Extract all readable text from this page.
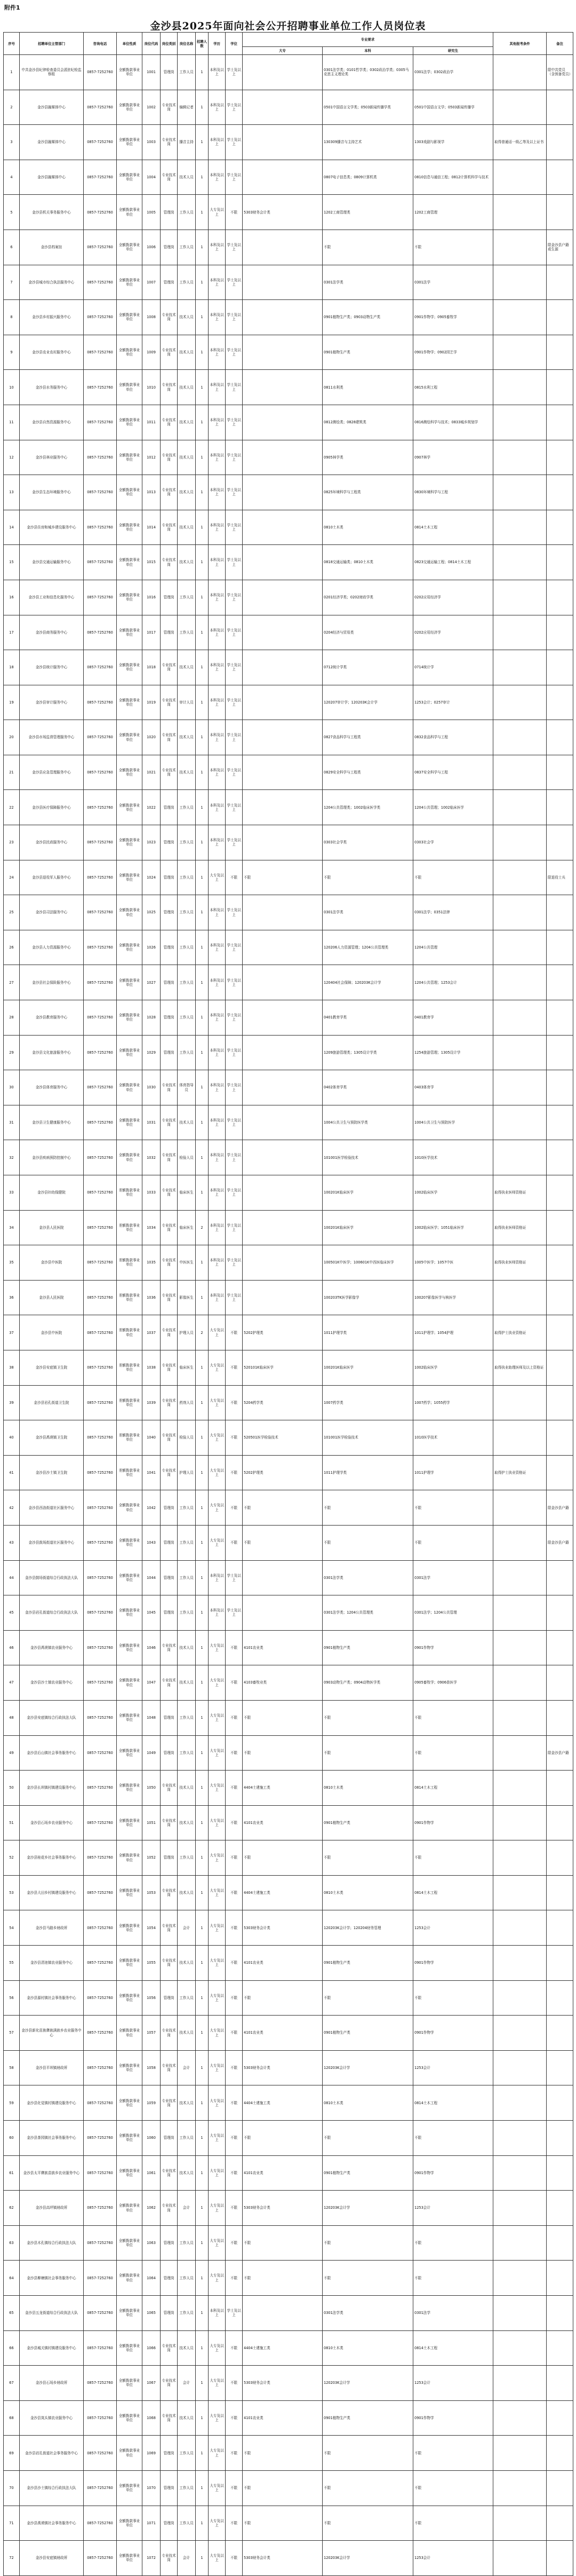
附件1
金沙县2025年面向社会公开招聘事业单位工作人员岗位表
序号	招聘单位主管部门	咨询电话	单位性质	岗位代码	岗位类别	岗位名称	招聘人数	学历	学位	专业要求			其他报考条件	备注
										大专	本科	研究生		
1	中共金沙县纪律检查委员会派驻纪检监察组	0857-7252760	全额拨款事业单位	1001	管理岗	工作人员	1	本科及以上	学士及以上		0301法学类；0101哲学类；0302政治学类；0305马克思主义理论类	0301法学；0302政治学		限中共党员（含预备党员）
2	金沙县融媒体中心	0857-7252760	全额拨款事业单位	1002	专业技术岗	编辑记者	1	本科及以上	学士及以上		0501中国语言文学类；0503新闻传播学类	0501中国语言文学；0503新闻传播学		
3	金沙县融媒体中心	0857-7252760	全额拨款事业单位	1003	专业技术岗	播音主持	1	本科及以上	学士及以上		130309播音与主持艺术	1303戏剧与影视学	取得普通话一级乙等及以上证书	
4	金沙县融媒体中心	0857-7252760	全额拨款事业单位	1004	专业技术岗	技术人员	1	本科及以上	学士及以上		0807电子信息类；0809计算机类	0810信息与通信工程；0812计算机科学与技术		
5	金沙县机关事务服务中心	0857-7252760	全额拨款事业单位	1005	管理岗	工作人员	1	大专及以上	不限	5303财务会计类	1202工商管理类	1202工商管理		
6	金沙县档案馆	0857-7252760	全额拨款事业单位	1006	管理岗	工作人员	1	本科及以上	学士及以上		不限	不限		限金沙县户籍或生源
7	金沙县城市综合执法服务中心	0857-7252760	全额拨款事业单位	1007	管理岗	工作人员	1	本科及以上	学士及以上		0301法学类	0301法学		
8	金沙县乡村振兴服务中心	0857-7252760	全额拨款事业单位	1008	专业技术岗	技术人员	1	本科及以上	学士及以上		0901植物生产类；0903动物生产类	0901作物学；0905畜牧学		
9	金沙县农业农村服务中心	0857-7252760	全额拨款事业单位	1009	专业技术岗	技术人员	1	本科及以上	学士及以上		0901植物生产类	0901作物学；0902园艺学		
10	金沙县水务服务中心	0857-7252760	全额拨款事业单位	1010	专业技术岗	技术人员	1	本科及以上	学士及以上		0811水利类	0815水利工程		
11	金沙县自然资源服务中心	0857-7252760	全额拨款事业单位	1011	专业技术岗	技术人员	1	本科及以上	学士及以上		0812测绘类；0828建筑类	0816测绘科学与技术；0833城乡规划学		
12	金沙县林业服务中心	0857-7252760	全额拨款事业单位	1012	专业技术岗	技术人员	1	本科及以上	学士及以上		0905林学类	0907林学		
13	金沙县生态环境服务中心	0857-7252760	全额拨款事业单位	1013	专业技术岗	技术人员	1	本科及以上	学士及以上		0825环境科学与工程类	0830环境科学与工程		
14	金沙县住房和城乡建设服务中心	0857-7252760	全额拨款事业单位	1014	专业技术岗	技术人员	1	本科及以上	学士及以上		0810土木类	0814土木工程		
15	金沙县交通运输服务中心	0857-7252760	全额拨款事业单位	1015	专业技术岗	技术人员	1	本科及以上	学士及以上		0818交通运输类；0810土木类	0823交通运输工程；0814土木工程		
16	金沙县工业和信息化服务中心	0857-7252760	全额拨款事业单位	1016	管理岗	工作人员	1	本科及以上	学士及以上		0201经济学类；0202财政学类	0202应用经济学		
17	金沙县商务服务中心	0857-7252760	全额拨款事业单位	1017	管理岗	工作人员	1	本科及以上	学士及以上		0204经济与贸易类	0202应用经济学		
18	金沙县统计服务中心	0857-7252760	全额拨款事业单位	1018	专业技术岗	技术人员	1	本科及以上	学士及以上		0712统计学类	0714统计学		
19	金沙县审计服务中心	0857-7252760	全额拨款事业单位	1019	专业技术岗	审计人员	1	本科及以上	学士及以上		120207审计学；120203K会计学	1253会计；0257审计		
20	金沙县市场监督管理服务中心	0857-7252760	全额拨款事业单位	1020	专业技术岗	技术人员	1	本科及以上	学士及以上		0827食品科学与工程类	0832食品科学与工程		
21	金沙县应急管理服务中心	0857-7252760	全额拨款事业单位	1021	专业技术岗	技术人员	1	本科及以上	学士及以上		0829安全科学与工程类	0837安全科学与工程		
22	金沙县医疗保障服务中心	0857-7252760	全额拨款事业单位	1022	管理岗	工作人员	1	本科及以上	学士及以上		1204公共管理类；1002临床医学类	1204公共管理；1002临床医学		
23	金沙县民政服务中心	0857-7252760	全额拨款事业单位	1023	管理岗	工作人员	1	本科及以上	学士及以上		0303社会学类	0303社会学		
24	金沙县退役军人服务中心	0857-7252760	全额拨款事业单位	1024	管理岗	工作人员	1	大专及以上	不限	不限	不限	不限		限退役士兵
25	金沙县司法服务中心	0857-7252760	全额拨款事业单位	1025	管理岗	工作人员	1	本科及以上	学士及以上		0301法学类	0301法学；0351法律		
26	金沙县人力资源服务中心	0857-7252760	全额拨款事业单位	1026	管理岗	工作人员	1	本科及以上	学士及以上		120206人力资源管理；1204公共管理类	1204公共管理		
27	金沙县社会保险服务中心	0857-7252760	全额拨款事业单位	1027	管理岗	工作人员	1	本科及以上	学士及以上		120404社会保障；120203K会计学	1204公共管理；1253会计		
28	金沙县教育服务中心	0857-7252760	全额拨款事业单位	1028	管理岗	工作人员	1	本科及以上	学士及以上		0401教育学类	0401教育学		
29	金沙县文化旅游服务中心	0857-7252760	全额拨款事业单位	1029	管理岗	工作人员	1	本科及以上	学士及以上		1209旅游管理类；1305设计学类	1254旅游管理；1305设计学		
30	金沙县体育服务中心	0857-7252760	全额拨款事业单位	1030	专业技术岗	体育指导员	1	本科及以上	学士及以上		0402体育学类	0403体育学		
31	金沙县卫生健康服务中心	0857-7252760	全额拨款事业单位	1031	专业技术岗	技术人员	1	本科及以上	学士及以上		1004公共卫生与预防医学类	1004公共卫生与预防医学		
32	金沙县疾病预防控制中心	0857-7252760	全额拨款事业单位	1032	专业技术岗	检验人员	1	本科及以上	学士及以上		101001医学检验技术	1010医学技术		
33	金沙县妇幼保健院	0857-7252760	差额拨款事业单位	1033	专业技术岗	临床医生	1	本科及以上	学士及以上		100201K临床医学	1002临床医学	取得执业医师资格证	
34	金沙县人民医院	0857-7252760	差额拨款事业单位	1034	专业技术岗	临床医生	2	本科及以上	学士及以上		100201K临床医学	1002临床医学；1051临床医学	取得执业医师资格证	
35	金沙县中医院	0857-7252760	差额拨款事业单位	1035	专业技术岗	中医医生	1	本科及以上	学士及以上		100501K中医学；100601K中西医临床医学	1005中医学；1057中医	取得执业医师资格证	
36	金沙县人民医院	0857-7252760	差额拨款事业单位	1036	专业技术岗	影像医生	1	本科及以上	学士及以上		100203TK医学影像学	100207影像医学与核医学		
37	金沙县中医院	0857-7252760	差额拨款事业单位	1037	专业技术岗	护理人员	2	大专及以上	不限	5202护理类	1011护理学类	1011护理学；1054护理	取得护士执业资格证	
38	金沙县安底镇卫生院	0857-7252760	差额拨款事业单位	1038	专业技术岗	临床医生	1	大专及以上	不限	520101K临床医学	100201K临床医学	1002临床医学	取得执业助理医师及以上资格证	
39	金沙县岩孔街道卫生院	0857-7252760	差额拨款事业单位	1039	专业技术岗	药剂人员	1	大专及以上	不限	5204药学类	1007药学类	1007药学；1055药学		
40	金沙县禹谟镇卫生院	0857-7252760	差额拨款事业单位	1040	专业技术岗	检验人员	1	大专及以上	不限	520501医学检验技术	101001医学检验技术	1010医学技术		
41	金沙县沙土镇卫生院	0857-7252760	差额拨款事业单位	1041	专业技术岗	护理人员	1	大专及以上	不限	5202护理类	1011护理学类	1011护理学	取得护士执业资格证	
42	金沙县西洛街道社区服务中心	0857-7252760	全额拨款事业单位	1042	管理岗	工作人员	1	大专及以上	不限	不限	不限	不限		限金沙县户籍
43	金沙县鼓场街道社区服务中心	0857-7252760	全额拨款事业单位	1043	管理岗	工作人员	1	大专及以上	不限	不限	不限	不限		限金沙县户籍
44	金沙县鼓场街道综合行政执法大队	0857-7252760	全额拨款事业单位	1044	管理岗	工作人员	1	本科及以上	学士及以上		0301法学类	0301法学		
45	金沙县岩孔街道综合行政执法大队	0857-7252760	全额拨款事业单位	1045	管理岗	工作人员	1	本科及以上	学士及以上		0301法学类；1204公共管理类	0301法学；1204公共管理		
46	金沙县禹谟镇农业服务中心	0857-7252760	全额拨款事业单位	1046	专业技术岗	技术人员	1	大专及以上	不限	4101农业类	0901植物生产类	0901作物学		
47	金沙县沙土镇农业服务中心	0857-7252760	全额拨款事业单位	1047	专业技术岗	技术人员	1	大专及以上	不限	4103畜牧业类	0903动物生产类；0904动物医学类	0905畜牧学；0906兽医学		
48	金沙县安底镇综合行政执法大队	0857-7252760	全额拨款事业单位	1048	管理岗	工作人员	1	大专及以上	不限	不限	不限	不限		
49	金沙县后山镇社会事务服务中心	0857-7252760	全额拨款事业单位	1049	管理岗	工作人员	1	大专及以上	不限	不限	不限	不限		限金沙县户籍
50	金沙县长坝镇村镇建设服务中心	0857-7252760	全额拨款事业单位	1050	专业技术岗	技术人员	1	大专及以上	不限	4404土建施工类	0810土木类	0814土木工程		
51	金沙县石场乡农业服务中心	0857-7252760	全额拨款事业单位	1051	专业技术岗	技术人员	1	大专及以上	不限	4101农业类	0901植物生产类	0901作物学		
52	金沙县桂花乡社会事务服务中心	0857-7252760	全额拨款事业单位	1052	管理岗	工作人员	1	大专及以上	不限	不限	不限	不限		
53	金沙县大田乡村镇建设服务中心	0857-7252760	全额拨款事业单位	1053	专业技术岗	技术人员	1	大专及以上	不限	4404土建施工类	0810土木类	0814土木工程		
54	金沙县马路乡财政所	0857-7252760	全额拨款事业单位	1054	专业技术岗	会计	1	大专及以上	不限	5303财务会计类	120203K会计学；120204财务管理	1253会计		
55	金沙县清池镇农业服务中心	0857-7252760	全额拨款事业单位	1055	专业技术岗	技术人员	1	大专及以上	不限	4101农业类	0901植物生产类	0901作物学		
56	金沙县源村镇社会事务服务中心	0857-7252760	全额拨款事业单位	1056	管理岗	工作人员	1	大专及以上	不限	不限	不限	不限		
57	金沙县新化苗族彝族满族乡农业服务中心	0857-7252760	全额拨款事业单位	1057	专业技术岗	技术人员	1	大专及以上	不限	4101农业类	0901植物生产类	0901作物学		
58	金沙县平坝镇财政所	0857-7252760	全额拨款事业单位	1058	专业技术岗	会计	1	大专及以上	不限	5303财务会计类	120203K会计学	1253会计		
59	金沙县化觉镇村镇建设服务中心	0857-7252760	全额拨款事业单位	1059	专业技术岗	技术人员	1	大专及以上	不限	4404土建施工类	0810土木类	0814土木工程		
60	金沙县茶园镇社会事务服务中心	0857-7252760	全额拨款事业单位	1060	管理岗	工作人员	1	大专及以上	不限	不限	不限	不限		
61	金沙县太平彝族苗族乡农业服务中心	0857-7252760	全额拨款事业单位	1061	专业技术岗	技术人员	1	大专及以上	不限	4101农业类	0901植物生产类	0901作物学		
62	金沙县高坪镇财政所	0857-7252760	全额拨款事业单位	1062	专业技术岗	会计	1	大专及以上	不限	5303财务会计类	120203K会计学	1253会计		
63	金沙县木孔镇综合行政执法大队	0857-7252760	全额拨款事业单位	1063	管理岗	工作人员	1	大专及以上	不限	不限	不限	不限		
64	金沙县柳塘镇社会事务服务中心	0857-7252760	全额拨款事业单位	1064	管理岗	工作人员	1	大专及以上	不限	不限	不限	不限		
65	金沙县五龙街道综合行政执法大队	0857-7252760	全额拨款事业单位	1065	管理岗	工作人员	1	本科及以上	学士及以上		0301法学类	0301法学		
66	金沙县城关镇村镇建设服务中心	0857-7252760	全额拨款事业单位	1066	专业技术岗	技术人员	1	大专及以上	不限	4404土建施工类	0810土木类	0814土木工程		
67	金沙县石场乡财政所	0857-7252760	全额拨款事业单位	1067	专业技术岗	会计	1	大专及以上	不限	5303财务会计类	120203K会计学	1253会计		
68	金沙县岚头镇农业服务中心	0857-7252760	全额拨款事业单位	1068	专业技术岗	技术人员	1	大专及以上	不限	4101农业类	0901植物生产类	0901作物学		
69	金沙县岩孔街道社会事务服务中心	0857-7252760	全额拨款事业单位	1069	管理岗	工作人员	1	大专及以上	不限	不限	不限	不限		
70	金沙县沙土镇综合行政执法大队	0857-7252760	全额拨款事业单位	1070	管理岗	工作人员	1	大专及以上	不限	不限	不限	不限		
71	金沙县禹谟镇社会事务服务中心	0857-7252760	全额拨款事业单位	1071	管理岗	工作人员	1	大专及以上	不限	不限	不限	不限		
72	金沙县安底镇财政所	0857-7252760	全额拨款事业单位	1072	专业技术岗	会计	1	大专及以上	不限	5303财务会计类	120203K会计学	1253会计		
